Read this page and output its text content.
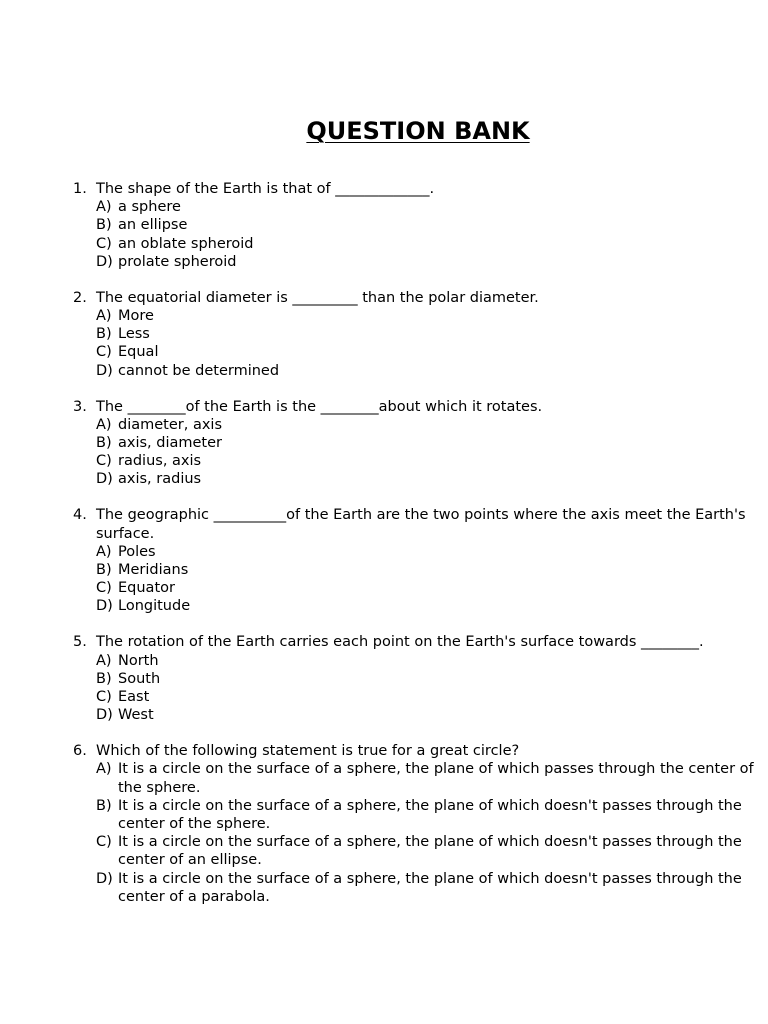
QUESTION BANK
1. The shape of the Earth is that of _____________.
A) a sphere
B) an ellipse
C) an oblate spheroid
D) prolate spheroid
2. The equatorial diameter is _________ than the polar diameter.
A) More
B) Less
C) Equal
D) cannot be determined
3. The ________of the Earth is the ________about which it rotates.
A) diameter, axis
B) axis, diameter
C) radius, axis
D) axis, radius
4. The geographic __________of the Earth are the two points where the axis meet the Earth's surface.
A) Poles
B) Meridians
C) Equator
D) Longitude
5. The rotation of the Earth carries each point on the Earth's surface towards ________.
A) North
B) South
C) East
D) West
6. Which of the following statement is true for a great circle?
A) It is a circle on the surface of a sphere, the plane of which passes through the center of the sphere.
B) It is a circle on the surface of a sphere, the plane of which doesn't passes through the center of the sphere.
C) It is a circle on the surface of a sphere, the plane of which doesn't passes through the center of an ellipse.
D) It is a circle on the surface of a sphere, the plane of which doesn't passes through the center of a parabola.
